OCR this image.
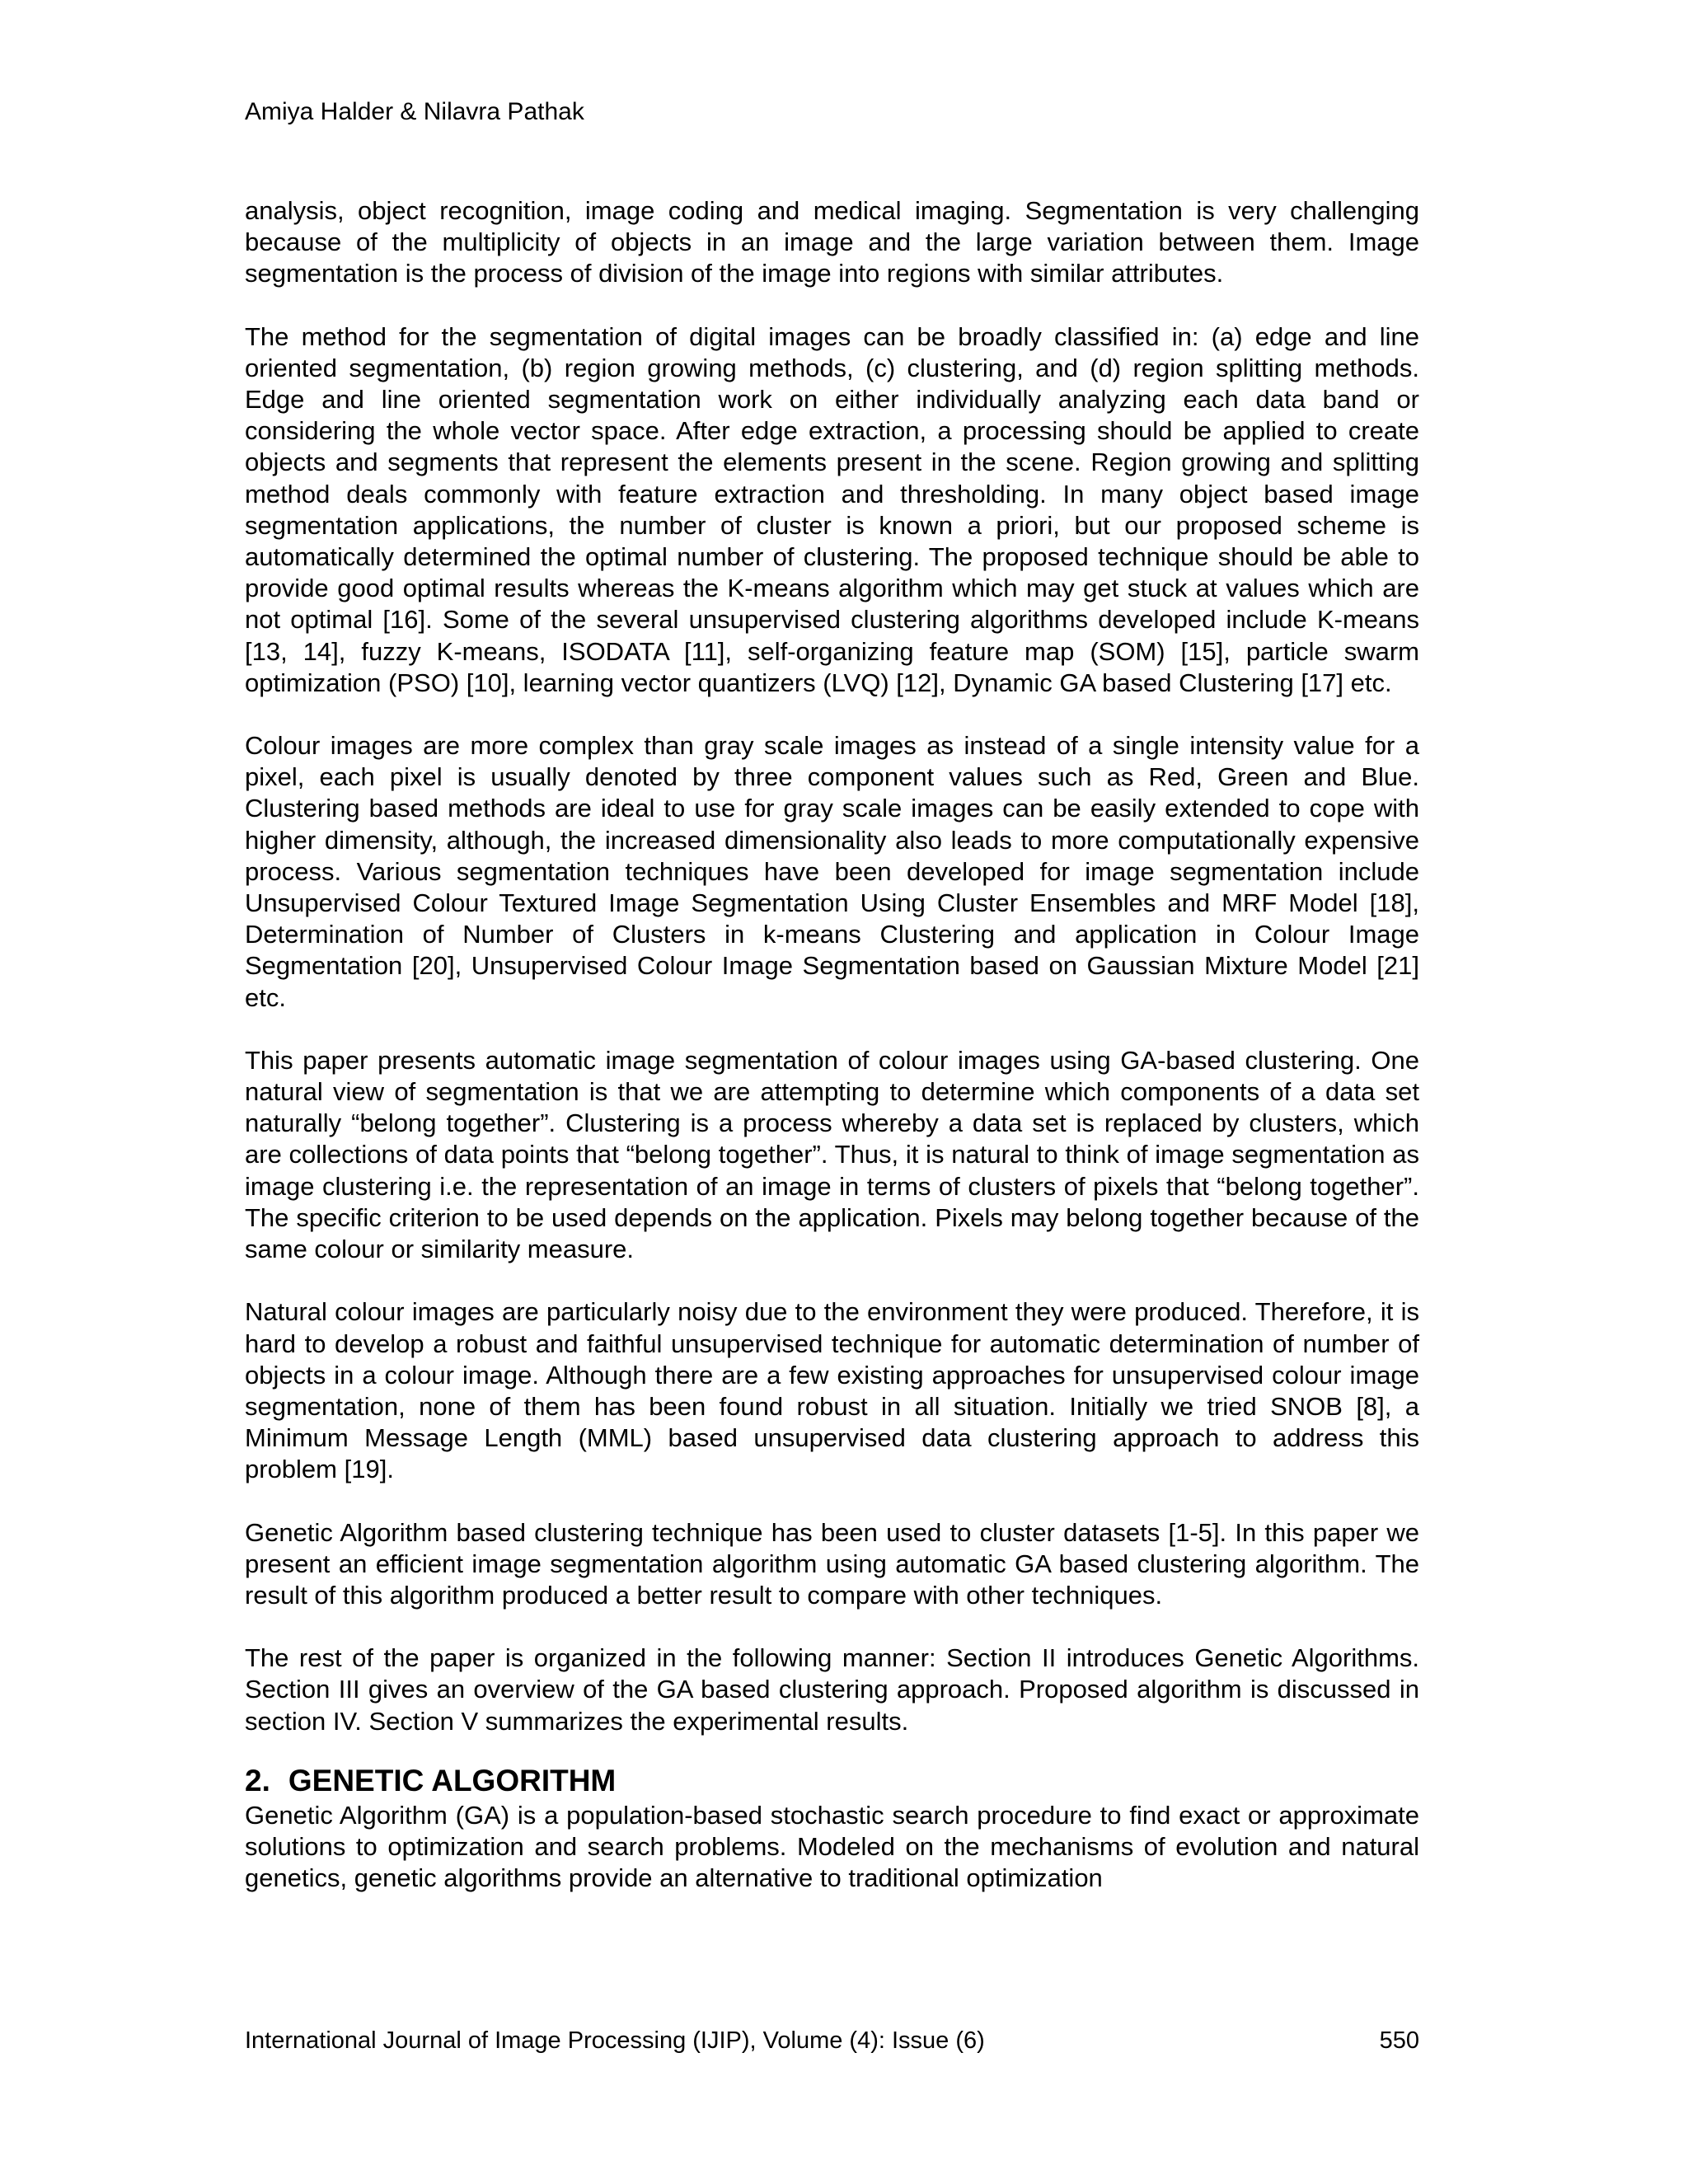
Amiya Halder & Nilavra Pathak

analysis, object recognition, image coding and medical imaging. Segmentation is very challenging because of the multiplicity of objects in an image and the large variation between them. Image segmentation is the process of division of the image into regions with similar attributes.

The method for the segmentation of digital images can be broadly classified in: (a) edge and line oriented segmentation, (b) region growing methods, (c) clustering, and (d) region splitting methods. Edge and line oriented segmentation work on either individually analyzing each data band or considering the whole vector space. After edge extraction, a processing should be applied to create objects and segments that represent the elements present in the scene. Region growing and splitting method deals commonly with feature extraction and thresholding. In many object based image segmentation applications, the number of cluster is known a priori, but our proposed scheme is automatically determined the optimal number of clustering. The proposed technique should be able to provide good optimal results whereas the K-means algorithm which may get stuck at values which are not optimal [16]. Some of the several unsupervised clustering algorithms developed include K-means [13, 14], fuzzy K-means, ISODATA [11], self-organizing feature map (SOM) [15], particle swarm optimization (PSO) [10], learning vector quantizers (LVQ) [12], Dynamic GA based Clustering [17] etc.

Colour images are more complex than gray scale images as instead of a single intensity value for a pixel, each pixel is usually denoted by three component values such as Red, Green and Blue. Clustering based methods are ideal to use for gray scale images can be easily extended to cope with higher dimensity, although, the increased dimensionality also leads to more computationally expensive process. Various segmentation techniques have been developed for image segmentation include Unsupervised Colour Textured Image Segmentation Using Cluster Ensembles and MRF Model [18], Determination of Number of Clusters in k-means Clustering and application in Colour Image Segmentation [20], Unsupervised Colour Image Segmentation based on Gaussian Mixture Model [21] etc.

This paper presents automatic image segmentation of colour images using GA-based clustering. One natural view of segmentation is that we are attempting to determine which components of a data set naturally “belong together”. Clustering is a process whereby a data set is replaced by clusters, which are collections of data points that “belong together”. Thus, it is natural to think of image segmentation as image clustering i.e. the representation of an image in terms of clusters of pixels that “belong together”. The specific criterion to be used depends on the application. Pixels may belong together because of the same colour or similarity measure.

Natural colour images are particularly noisy due to the environment they were produced. Therefore, it is hard to develop a robust and faithful unsupervised technique for automatic determination of number of objects in a colour image. Although there are a few existing approaches for unsupervised colour image segmentation, none of them has been found robust in all situation. Initially we tried SNOB [8], a Minimum Message Length (MML) based unsupervised data clustering approach to address this problem [19].

Genetic Algorithm based clustering technique has been used to cluster datasets [1-5]. In this paper we present an efficient image segmentation algorithm using automatic GA based clustering algorithm. The result of this algorithm produced a better result to compare with other techniques.

The rest of the paper is organized in the following manner: Section II introduces Genetic Algorithms. Section III gives an overview of the GA based clustering approach. Proposed algorithm is discussed in section IV. Section V summarizes the experimental results.

2. GENETIC ALGORITHM

Genetic Algorithm (GA) is a population-based stochastic search procedure to find exact or approximate solutions to optimization and search problems. Modeled on the mechanisms of evolution and natural genetics, genetic algorithms provide an alternative to traditional optimization

International Journal of Image Processing (IJIP), Volume (4): Issue (6)	550
